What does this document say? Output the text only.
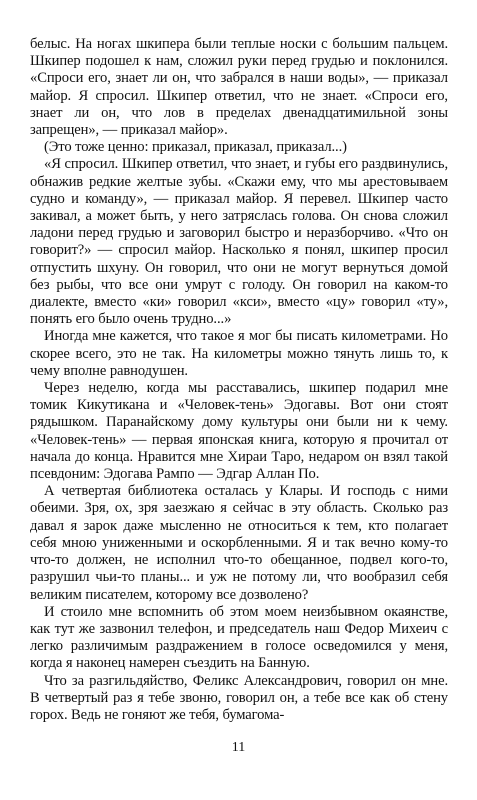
белыс. На ногах шкипера были теплые носки с большим пальцем. Шкипер подошел к нам, сложил руки перед грудью и поклонился. «Спроси его, знает ли он, что забрался в наши воды», — приказал майор. Я спросил. Шкипер ответил, что не знает. «Спроси его, знает ли он, что лов в пределах двенадцатимильной зоны запрещен», — приказал майор».

(Это тоже ценно: приказал, приказал, приказал...)

«Я спросил. Шкипер ответил, что знает, и губы его раздвинулись, обнажив редкие желтые зубы. «Скажи ему, что мы арестовываем судно и команду», — приказал майор. Я перевел. Шкипер часто закивал, а может быть, у него затряслась голова. Он снова сложил ладони перед грудью и заговорил быстро и неразборчиво. «Что он говорит?» — спросил майор. Насколько я понял, шкипер просил отпустить шхуну. Он говорил, что они не могут вернуться домой без рыбы, что все они умрут с голоду. Он говорил на каком-то диалекте, вместо «ки» говорил «кси», вместо «цу» говорил «ту», понять его было очень трудно...»

Иногда мне кажется, что такое я мог бы писать километрами. Но скорее всего, это не так. На километры можно тянуть лишь то, к чему вполне равнодушен.

Через неделю, когда мы расставались, шкипер подарил мне томик Кикутикана и «Человек-тень» Эдогавы. Вот они стоят рядышком. Паранайскому дому культуры они были ни к чему. «Человек-тень» — первая японская книга, которую я прочитал от начала до конца. Нравится мне Хираи Таро, недаром он взял такой псевдоним: Эдогава Рампо — Эдгар Аллан По.

А четвертая библиотека осталась у Клары. И господь с ними обеими. Зря, ох, зря заезжаю я сейчас в эту область. Сколько раз давал я зарок даже мысленно не относиться к тем, кто полагает себя мною униженными и оскорбленными. Я и так вечно кому-то что-то должен, не исполнил что-то обещанное, подвел кого-то, разрушил чьи-то планы... и уж не потому ли, что вообразил себя великим писателем, которому все дозволено?

И стоило мне вспомнить об этом моем неизбывном окаянстве, как тут же зазвонил телефон, и председатель наш Федор Михеич с легко различимым раздражением в голосе осведомился у меня, когда я наконец намерен съездить на Банную.

Что за разгильдяйство, Феликс Александрович, говорил он мне. В четвертый раз я тебе звоню, говорил он, а тебе все как об стену горох. Ведь не гоняют же тебя, бумагома-

11
